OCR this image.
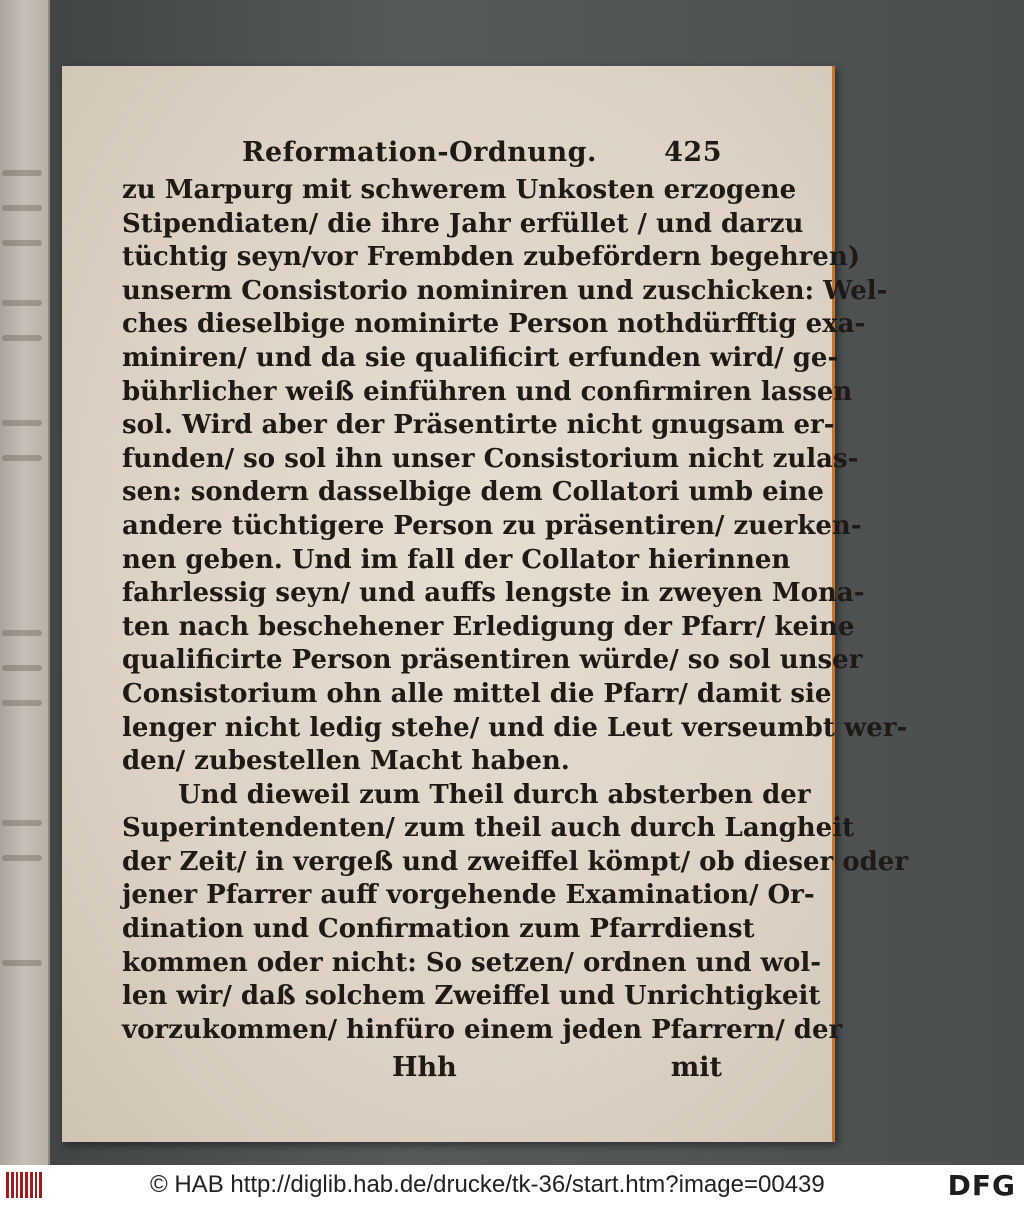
Reformation-Ordnung. 425
zu Marpurg mit schwerem Unkosten erzogene
Stipendiaten/ die ihre Jahr erfüllet / und darzu
tüchtig seyn/vor Frembden zubefördern begehren)
unserm Consistorio nominiren und zuschicken: Wel-
ches dieselbige nominirte Person nothdürfftig exa-
miniren/ und da sie qualificirt erfunden wird/ ge-
bührlicher weiß einführen und confirmiren lassen
sol. Wird aber der Präsentirte nicht gnugsam er-
funden/ so sol ihn unser Consistorium nicht zulas-
sen: sondern dasselbige dem Collatori umb eine
andere tüchtigere Person zu präsentiren/ zuerken-
nen geben. Und im fall der Collator hierinnen
fahrlessig seyn/ und auffs lengste in zweyen Mona-
ten nach beschehener Erledigung der Pfarr/ keine
qualificirte Person präsentiren würde/ so sol unser
Consistorium ohn alle mittel die Pfarr/ damit sie
lenger nicht ledig stehe/ und die Leut verseumbt wer-
den/ zubestellen Macht haben.
Und dieweil zum Theil durch absterben der
Superintendenten/ zum theil auch durch Langheit
der Zeit/ in vergeß und zweiffel kömpt/ ob dieser oder
jener Pfarrer auff vorgehende Examination/ Or-
dination und Confirmation zum Pfarrdienst
kommen oder nicht: So setzen/ ordnen und wol-
len wir/ daß solchem Zweiffel und Unrichtigkeit
vorzukommen/ hinfüro einem jeden Pfarrern/ der
Hhh	mit
© HAB http://diglib.hab.de/drucke/tk-36/start.htm?image=00439	DFG
